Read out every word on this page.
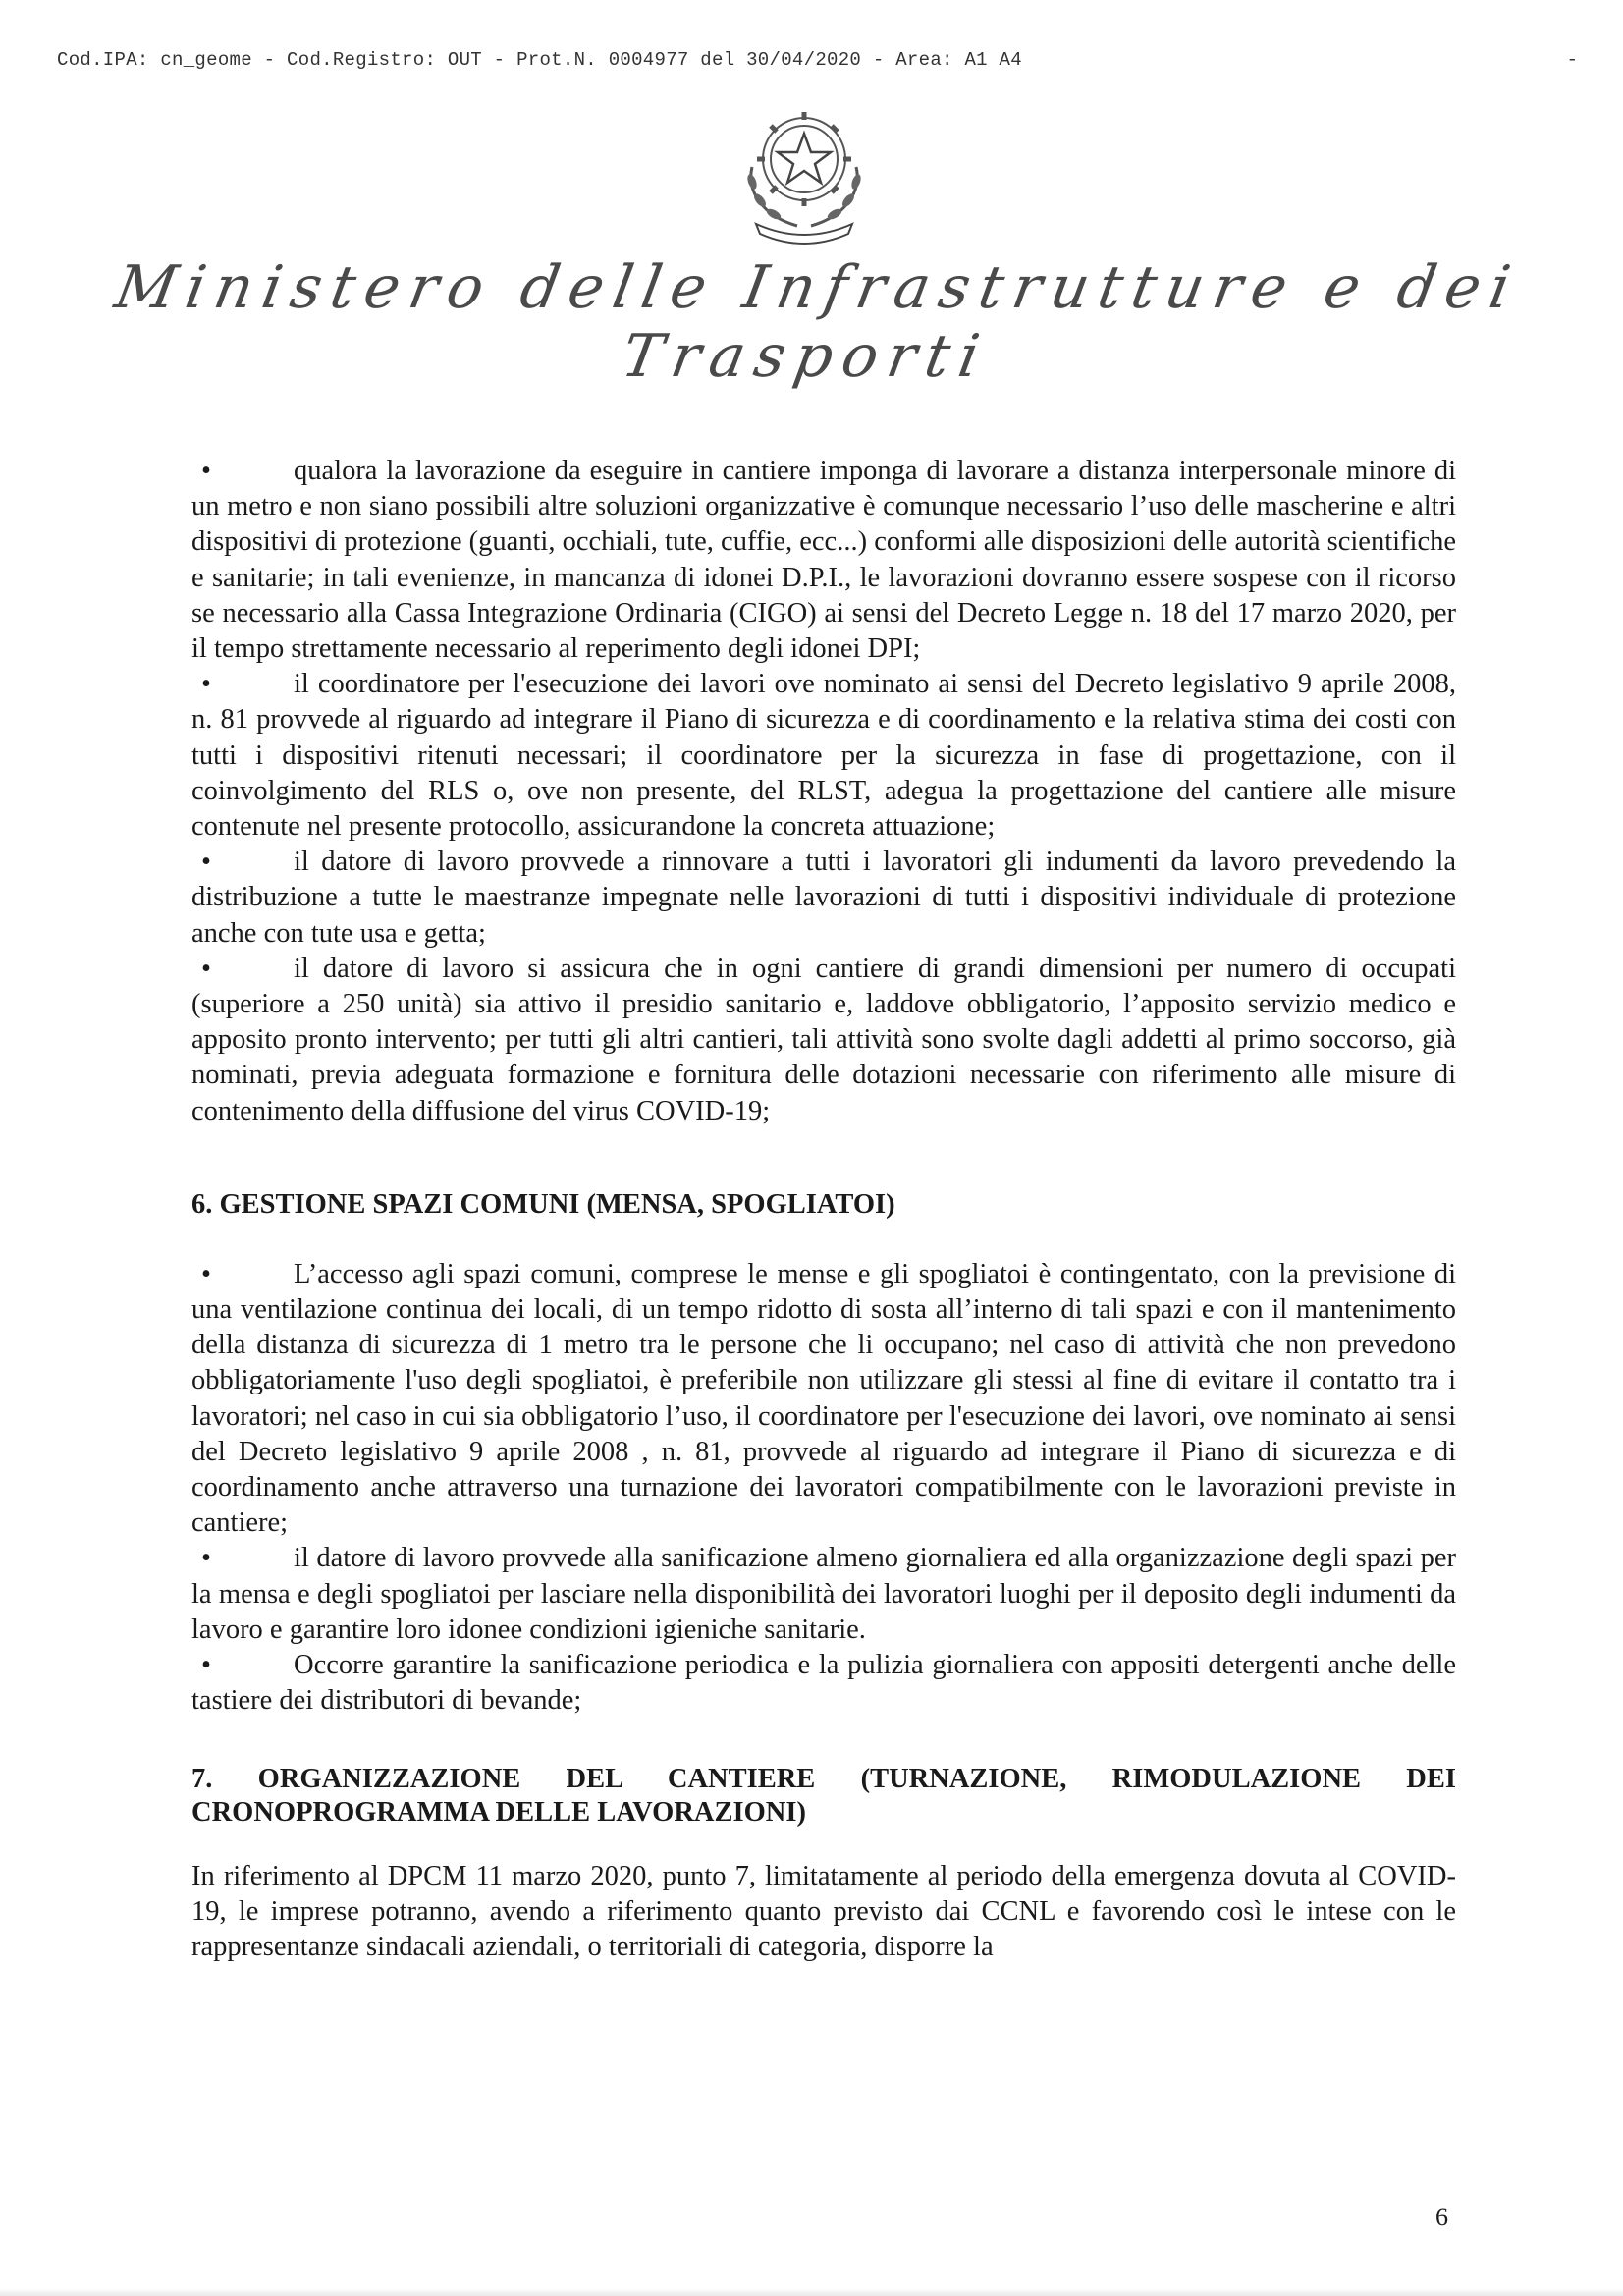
Cod.IPA: cn_geome - Cod.Registro: OUT - Prot.N. 0004977 del 30/04/2020 - Area: A1 A4	-
Ministero delle Infrastrutture e dei Trasporti

•	qualora la lavorazione da eseguire in cantiere imponga di lavorare a distanza interpersonale minore di un metro e non siano possibili altre soluzioni organizzative è comunque necessario l’uso delle mascherine e altri dispositivi di protezione (guanti, occhiali, tute, cuffie, ecc...) conformi alle disposizioni delle autorità scientifiche e sanitarie; in tali evenienze, in mancanza di idonei D.P.I., le lavorazioni dovranno essere sospese con il ricorso se necessario alla Cassa Integrazione Ordinaria (CIGO) ai sensi del Decreto Legge n. 18 del 17 marzo 2020, per il tempo strettamente necessario al reperimento degli idonei DPI;

•	il coordinatore per l'esecuzione dei lavori ove nominato ai sensi del Decreto legislativo 9 aprile 2008, n. 81 provvede al riguardo ad integrare il Piano di sicurezza e di coordinamento e la relativa stima dei costi con tutti i dispositivi ritenuti necessari; il coordinatore per la sicurezza in fase di progettazione, con il coinvolgimento del RLS o, ove non presente, del RLST, adegua la progettazione del cantiere alle misure contenute nel presente protocollo, assicurandone la concreta attuazione;

•	il datore di lavoro provvede a rinnovare a tutti i lavoratori gli indumenti da lavoro prevedendo la distribuzione a tutte le maestranze impegnate nelle lavorazioni di tutti i dispositivi individuale di protezione anche con tute usa e getta;

•	il datore di lavoro si assicura che in ogni cantiere di grandi dimensioni per numero di occupati (superiore a 250 unità) sia attivo il presidio sanitario e, laddove obbligatorio, l’apposito servizio medico e apposito pronto intervento; per tutti gli altri cantieri, tali attività sono svolte dagli addetti al primo soccorso, già nominati, previa adeguata formazione e fornitura delle dotazioni necessarie con riferimento alle misure di contenimento della diffusione del virus COVID-19;

6. GESTIONE SPAZI COMUNI (MENSA, SPOGLIATOI)

•	L’accesso agli spazi comuni, comprese le mense e gli spogliatoi è contingentato, con la previsione di una ventilazione continua dei locali, di un tempo ridotto di sosta all’interno di tali spazi e con il mantenimento della distanza di sicurezza di 1 metro tra le persone che li occupano; nel caso di attività che non prevedono obbligatoriamente l'uso degli spogliatoi, è preferibile non utilizzare gli stessi al fine di evitare il contatto tra i lavoratori; nel caso in cui sia obbligatorio l’uso, il coordinatore per l'esecuzione dei lavori, ove nominato ai sensi del Decreto legislativo 9 aprile 2008 , n. 81, provvede al riguardo ad integrare il Piano di sicurezza e di coordinamento anche attraverso una turnazione dei lavoratori compatibilmente con le lavorazioni previste in cantiere;

•	il datore di lavoro provvede alla sanificazione almeno giornaliera ed alla organizzazione degli spazi per la mensa e degli spogliatoi per lasciare nella disponibilità dei lavoratori luoghi per il deposito degli indumenti da lavoro e garantire loro idonee condizioni igieniche sanitarie.

•	Occorre garantire la sanificazione periodica e la pulizia giornaliera con appositi detergenti anche delle tastiere dei distributori di bevande;

7. ORGANIZZAZIONE DEL CANTIERE (TURNAZIONE, RIMODULAZIONE DEI CRONOPROGRAMMA DELLE LAVORAZIONI)

In riferimento al DPCM 11 marzo 2020, punto 7, limitatamente al periodo della emergenza dovuta al COVID-19, le imprese potranno, avendo a riferimento quanto previsto dai CCNL e favorendo così le intese con le rappresentanze sindacali aziendali, o territoriali di categoria, disporre la

6
